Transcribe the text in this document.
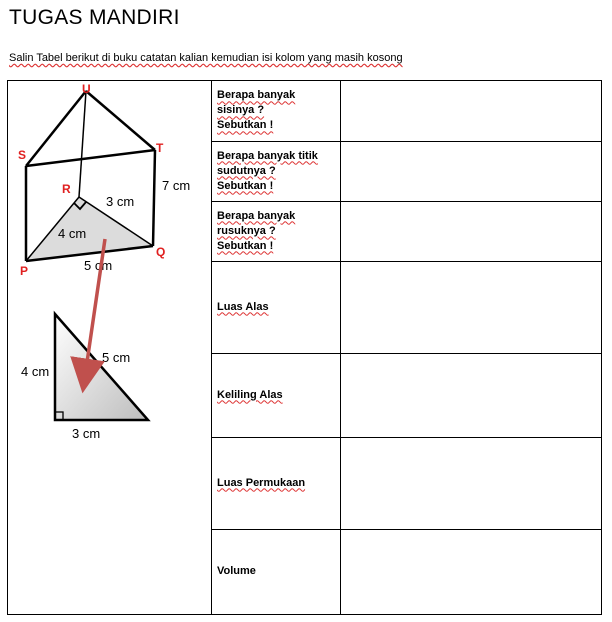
TUGAS MANDIRI
Salin Tabel berikut di buku catatan kalian kemudian isi kolom yang masih kosong
U
S	T
R
P
Q
7 cm
3 cm
4 cm
5 cm
4 cm
5 cm
3 cm
Berapa banyak
sisinya ?
Sebutkan !	
Berapa banyak titik
sudutnya ?
Sebutkan !	
Berapa banyak
rusuknya ?
Sebutkan !	
Luas Alas	
Keliling Alas	
Luas Permukaan	
Volume	
